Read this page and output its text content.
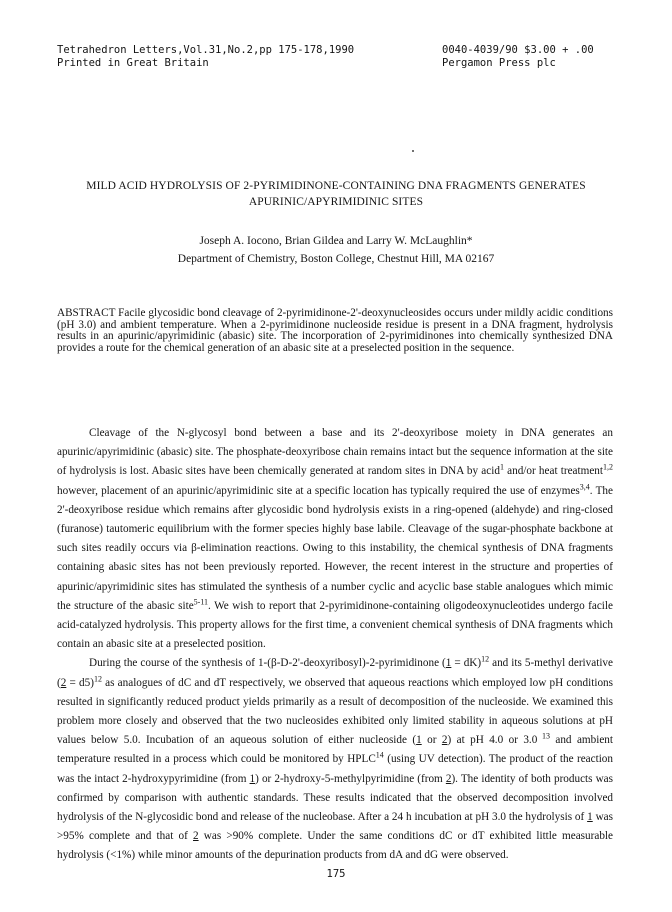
Tetrahedron Letters,Vol.31,No.2,pp 175-178,1990
Printed in Great Britain
0040-4039/90 $3.00 + .00
Pergamon Press plc
MILD ACID HYDROLYSIS OF 2-PYRIMIDINONE-CONTAINING DNA FRAGMENTS GENERATES
APURINIC/APYRIMIDINIC SITES
Joseph A. Iocono, Brian Gildea and Larry W. McLaughlin*
Department of Chemistry, Boston College, Chestnut Hill, MA 02167
ABSTRACT Facile glycosidic bond cleavage of 2-pyrimidinone-2'-deoxynucleosides occurs under mildly acidic conditions (pH 3.0) and ambient temperature. When a 2-pyrimidinone nucleoside residue is present in a DNA fragment, hydrolysis results in an apurinic/apyrimidinic (abasic) site. The incorporation of 2-pyrimidinones into chemically synthesized DNA provides a route for the chemical generation of an abasic site at a preselected position in the sequence.

Cleavage of the N-glycosyl bond between a base and its 2'-deoxyribose moiety in DNA generates an apurinic/apyrimidinic (abasic) site. The phosphate-deoxyribose chain remains intact but the sequence information at the site of hydrolysis is lost. Abasic sites have been chemically generated at random sites in DNA by acid$^1$ and/or heat treatment$^{1,2}$ however, placement of an apurinic/apyrimidinic site at a specific location has typically required the use of enzymes$^{3,4}$. The 2'-deoxyribose residue which remains after glycosidic bond hydrolysis exists in a ring-opened (aldehyde) and ring-closed (furanose) tautomeric equilibrium with the former species highly base labile. Cleavage of the sugar-phosphate backbone at such sites readily occurs via β-elimination reactions. Owing to this instability, the chemical synthesis of DNA fragments containing abasic sites has not been previously reported. However, the recent interest in the structure and properties of apurinic/apyrimidinic sites has stimulated the synthesis of a number cyclic and acyclic base stable analogues which mimic the structure of the abasic site$^{5-11}$. We wish to report that 2-pyrimidinone-containing oligodeoxynucleotides undergo facile acid-catalyzed hydrolysis. This property allows for the first time, a convenient chemical synthesis of DNA fragments which contain an abasic site at a preselected position.

During the course of the synthesis of 1-(β-D-2'-deoxyribosyl)-2-pyrimidinone (1 = dK)$^{12}$ and its 5-methyl derivative (2 = d5)$^{12}$ as analogues of dC and dT respectively, we observed that aqueous reactions which employed low pH conditions resulted in significantly reduced product yields primarily as a result of decomposition of the nucleoside. We examined this problem more closely and observed that the two nucleosides exhibited only limited stability in aqueous solutions at pH values below 5.0. Incubation of an aqueous solution of either nucleoside (1 or 2) at pH 4.0 or 3.0 $^{13}$ and ambient temperature resulted in a process which could be monitored by HPLC$^{14}$ (using UV detection). The product of the reaction was the intact 2-hydroxypyrimidine (from 1) or 2-hydroxy-5-methylpyrimidine (from 2). The identity of both products was confirmed by comparison with authentic standards. These results indicated that the observed decomposition involved hydrolysis of the N-glycosidic bond and release of the nucleobase. After a 24 h incubation at pH 3.0 the hydrolysis of 1 was >95% complete and that of 2 was >90% complete. Under the same conditions dC or dT exhibited little measurable hydrolysis (<1%) while minor amounts of the depurination products from dA and dG were observed.

175
